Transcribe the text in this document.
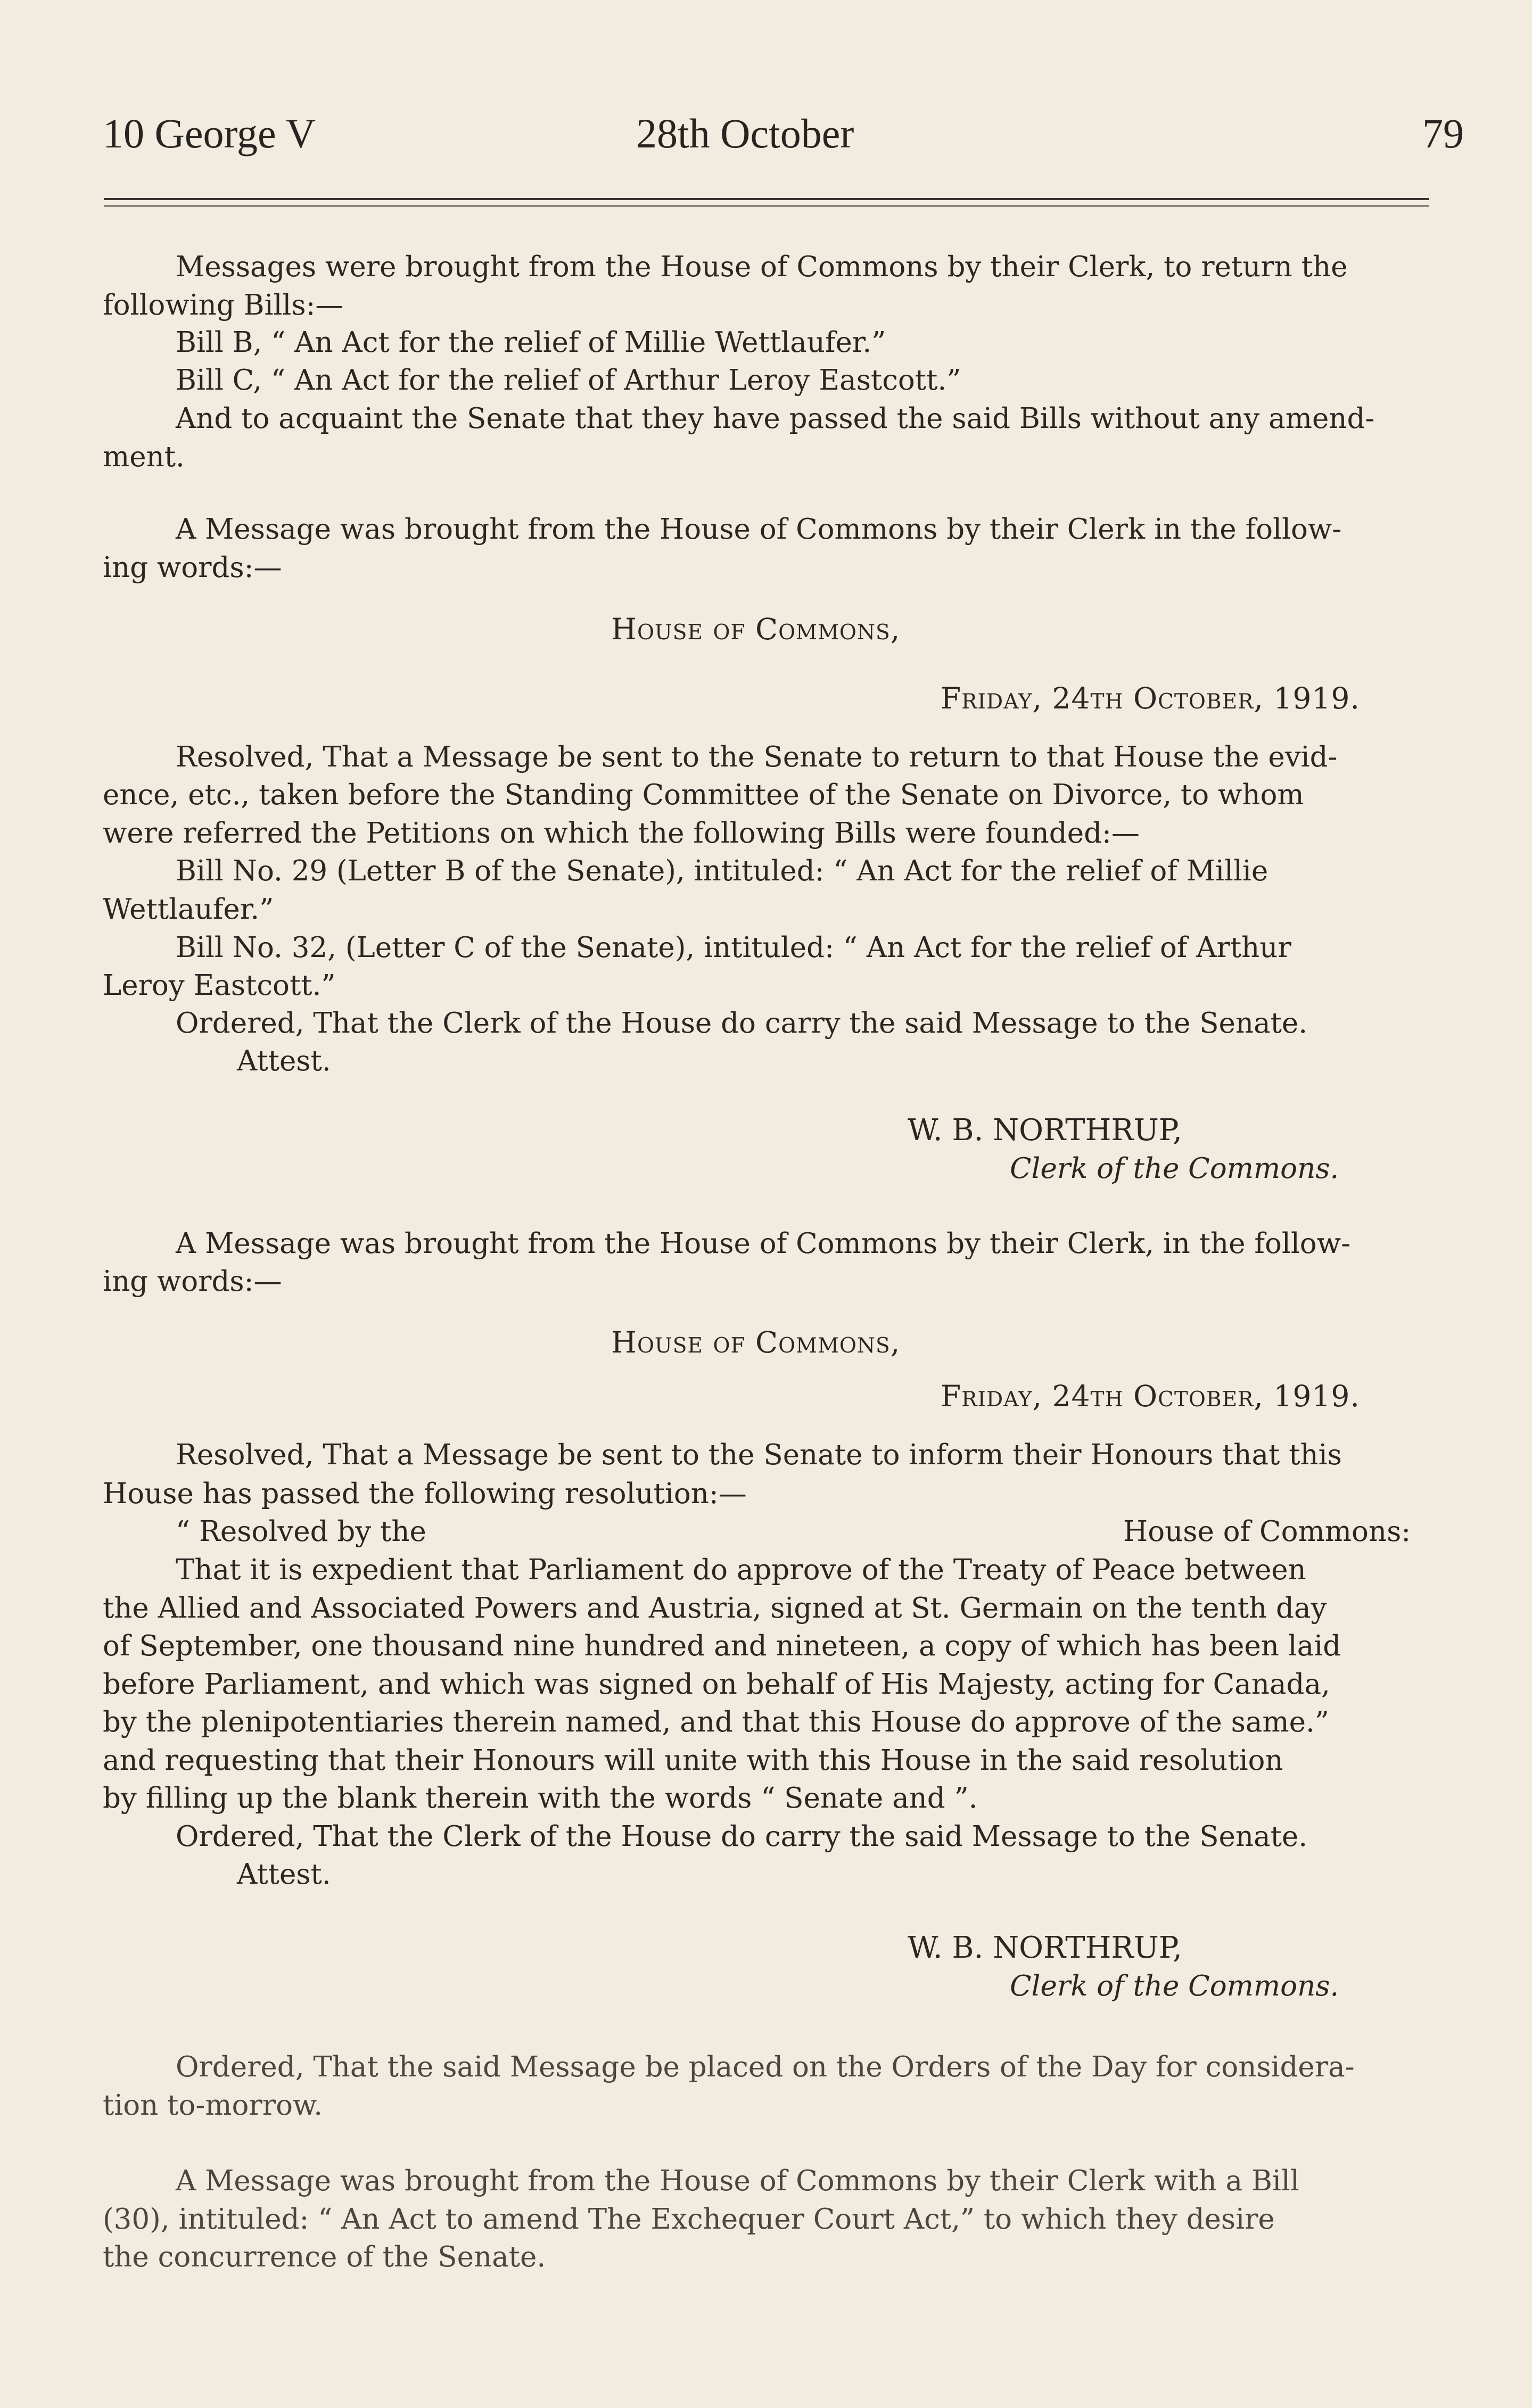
10 George V	28th October	79
Messages were brought from the House of Commons by their Clerk, to return the
following Bills:—
Bill B, “ An Act for the relief of Millie Wettlaufer.”
Bill C, “ An Act for the relief of Arthur Leroy Eastcott.”
And to acquaint the Senate that they have passed the said Bills without any amend-
ment.
A Message was brought from the House of Commons by their Clerk in the follow-
ing words:—
House of Commons,
Friday, 24th October, 1919.
Resolved, That a Message be sent to the Senate to return to that House the evid-
ence, etc., taken before the Standing Committee of the Senate on Divorce, to whom
were referred the Petitions on which the following Bills were founded:—
Bill No. 29 (Letter B of the Senate), intituled: “ An Act for the relief of Millie
Wettlaufer.”
Bill No. 32, (Letter C of the Senate), intituled: “ An Act for the relief of Arthur
Leroy Eastcott.”
Ordered, That the Clerk of the House do carry the said Message to the Senate.
Attest.
W. B. NORTHRUP,
Clerk of the Commons.
A Message was brought from the House of Commons by their Clerk, in the follow-
ing words:—
House of Commons,
Friday, 24th October, 1919.
Resolved, That a Message be sent to the Senate to inform their Honours that this
House has passed the following resolution:—
“ Resolved by the	House of Commons:
That it is expedient that Parliament do approve of the Treaty of Peace between
the Allied and Associated Powers and Austria, signed at St. Germain on the tenth day
of September, one thousand nine hundred and nineteen, a copy of which has been laid
before Parliament, and which was signed on behalf of His Majesty, acting for Canada,
by the plenipotentiaries therein named, and that this House do approve of the same.”
and requesting that their Honours will unite with this House in the said resolution
by filling up the blank therein with the words “ Senate and ”.
Ordered, That the Clerk of the House do carry the said Message to the Senate.
Attest.
W. B. NORTHRUP,
Clerk of the Commons.
Ordered, That the said Message be placed on the Orders of the Day for considera-
tion to-morrow.
A Message was brought from the House of Commons by their Clerk with a Bill
(30), intituled: “ An Act to amend The Exchequer Court Act,” to which they desire
the concurrence of the Senate.
